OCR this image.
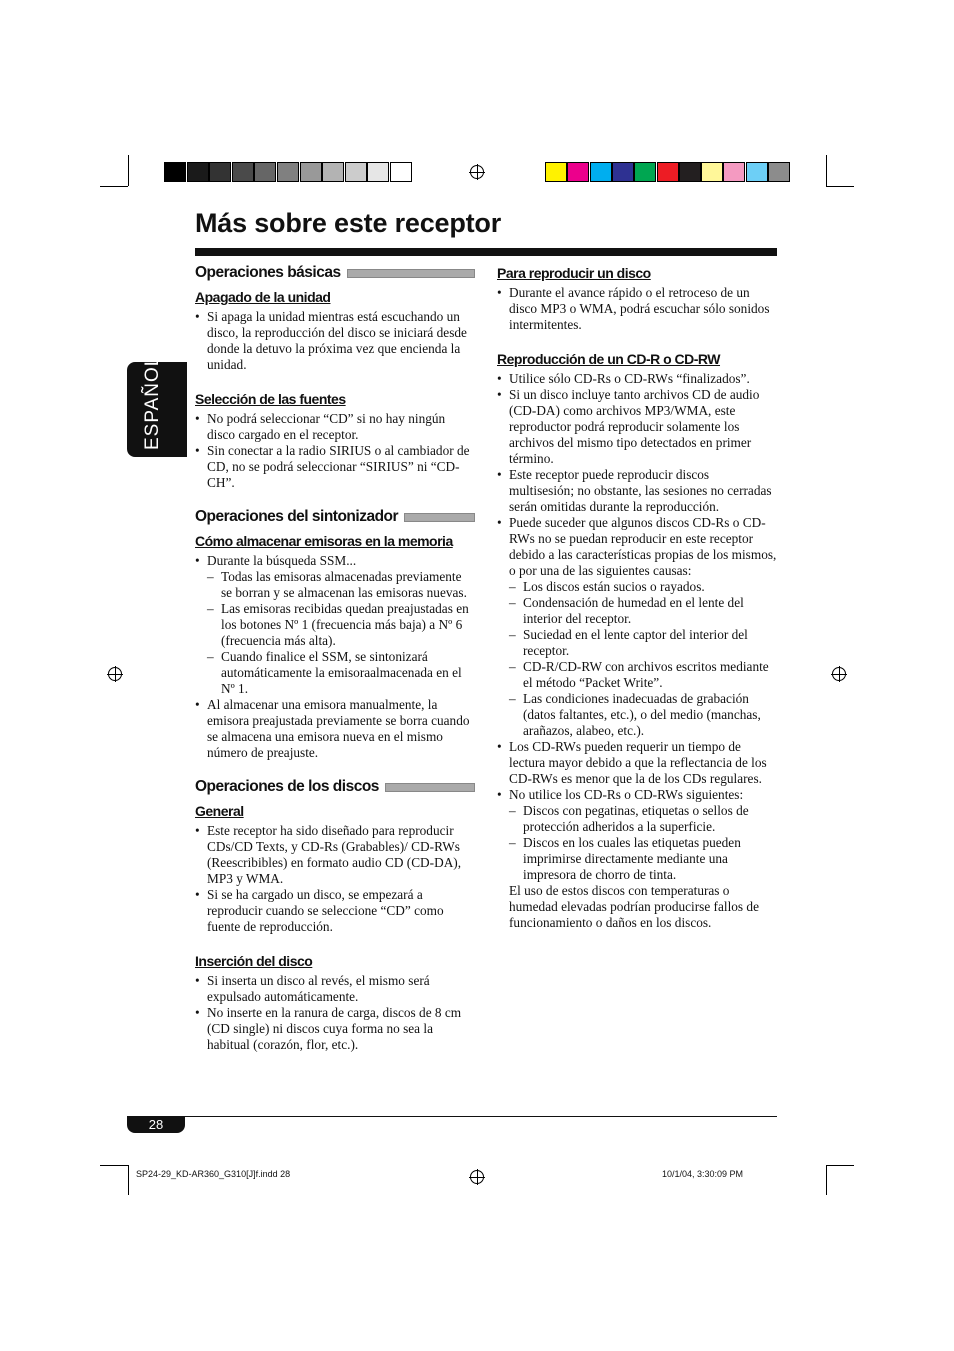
Más sobre este receptor
ESPAÑOL
Operaciones básicas
Apagado de la unidad
• Si apaga la unidad mientras está escuchando un disco, la reproducción del disco se iniciará desde donde la detuvo la próxima vez que encienda la unidad.
Selección de las fuentes
• No podrá seleccionar “CD” si no hay ningún disco cargado en el receptor.
• Sin conectar a la radio SIRIUS o al cambiador de CD, no se podrá seleccionar “SIRIUS” ni “CD-CH”.
Operaciones del sintonizador
Cómo almacenar emisoras en la memoria
• Durante la búsqueda SSM...
– Todas las emisoras almacenadas previamente se borran y se almacenan las emisoras nuevas.
– Las emisoras recibidas quedan preajustadas en los botones Nº 1 (frecuencia más baja) a Nº 6 (frecuencia más alta).
– Cuando finalice el SSM, se sintonizará automáticamente la emisoraalmacenada en el Nº 1.
• Al almacenar una emisora manualmente, la emisora preajustada previamente se borra cuando se almacena una emisora nueva en el mismo número de preajuste.
Operaciones de los discos
General
• Este receptor ha sido diseñado para reproducir CDs/CD Texts, y CD-Rs (Grabables)/ CD-RWs (Reescribibles) en formato audio CD (CD-DA), MP3 y WMA.
• Si se ha cargado un disco, se empezará a reproducir cuando se seleccione “CD” como fuente de reproducción.
Inserción del disco
• Si inserta un disco al revés, el mismo será expulsado automáticamente.
• No inserte en la ranura de carga, discos de 8 cm (CD single) ni discos cuya forma no sea la habitual (corazón, flor, etc.).
Para reproducir un disco
• Durante el avance rápido o el retroceso de un disco MP3 o WMA, podrá escuchar sólo sonidos intermitentes.
Reproducción de un CD-R o CD-RW
• Utilice sólo CD-Rs o CD-RWs “finalizados”.
• Si un disco incluye tanto archivos CD de audio (CD-DA) como archivos MP3/WMA, este reproductor podrá reproducir solamente los archivos del mismo tipo detectados en primer término.
• Este receptor puede reproducir discos multisesión; no obstante, las sesiones no cerradas serán omitidas durante la reproducción.
• Puede suceder que algunos discos CD-Rs o CD-RWs no se puedan reproducir en este receptor debido a las características propias de los mismos, o por una de las siguientes causas:
– Los discos están sucios o rayados.
– Condensación de humedad en el lente del interior del receptor.
– Suciedad en el lente captor del interior del receptor.
– CD-R/CD-RW con archivos escritos mediante el método “Packet Write”.
– Las condiciones inadecuadas de grabación (datos faltantes, etc.), o del medio (manchas, arañazos, alabeo, etc.).
• Los CD-RWs pueden requerir un tiempo de lectura mayor debido a que la reflectancia de los CD-RWs es menor que la de los CDs regulares.
• No utilice los CD-Rs o CD-RWs siguientes:
– Discos con pegatinas, etiquetas o sellos de protección adheridos a la superficie.
– Discos en los cuales las etiquetas pueden imprimirse directamente mediante una impresora de chorro de tinta.
El uso de estos discos con temperaturas o humedad elevadas podrían producirse fallos de funcionamiento o daños en los discos.
28
SP24-29_KD-AR360_G310[J]f.indd 28	10/1/04, 3:30:09 PM
